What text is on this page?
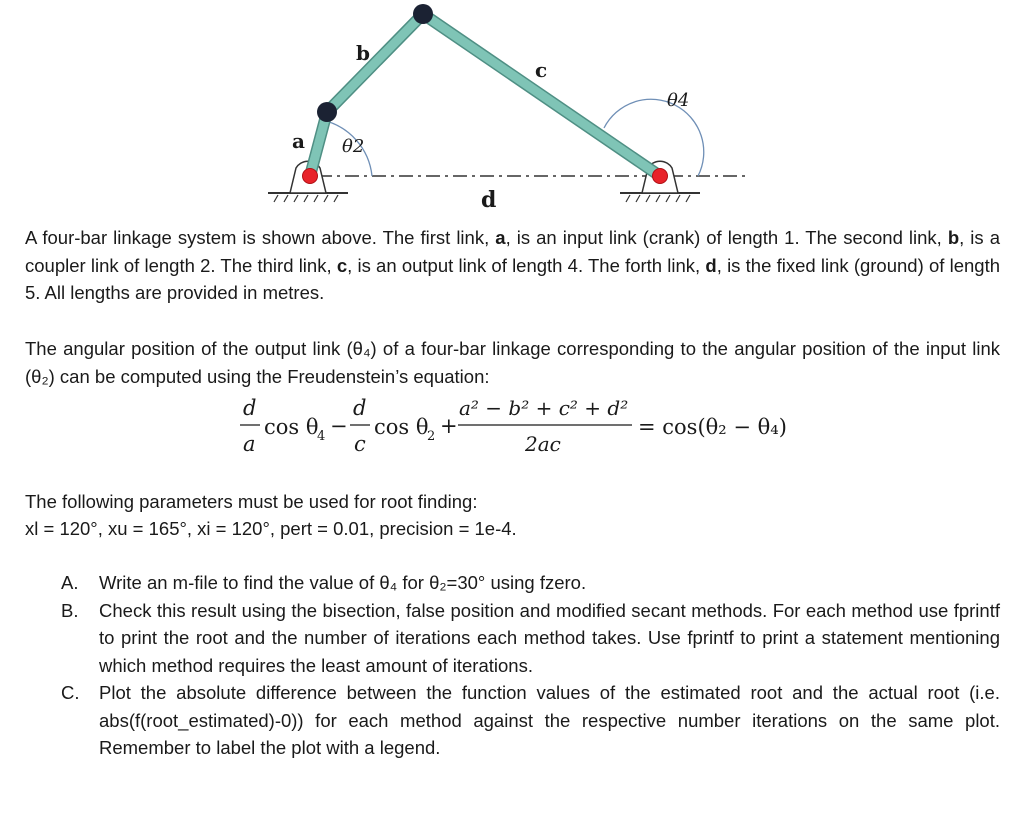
a
b
c
d
θ2
θ4

A four-bar linkage system is shown above. The first link, a, is an input link (crank) of length 1. The second link, b, is a coupler link of length 2. The third link, c, is an output link of length 4. The forth link, d, is the fixed link (ground) of length 5. All lengths are provided in metres.

The angular position of the output link (θ₄) of a four-bar linkage corresponding to the angular position of the input link (θ₂) can be computed using the Freudenstein’s equation:

d
a
cos θ
4 −
d
c
cos θ
2 +
a² − b² + c² + d²
2ac
= cos(θ₂ − θ₄)

The following parameters must be used for root finding:

xl = 120°, xu = 165°, xi = 120°, pert = 0.01, precision = 1e-4.

A. Write an m-file to find the value of θ₄ for θ₂=30° using fzero.
B. Check this result using the bisection, false position and modified secant methods. For each method use fprintf to print the root and the number of iterations each method takes. Use fprintf to print a statement mentioning which method requires the least amount of iterations.
C. Plot the absolute difference between the function values of the estimated root and the actual root (i.e. abs(f(root_estimated)-0)) for each method against the respective number iterations on the same plot. Remember to label the plot with a legend.
